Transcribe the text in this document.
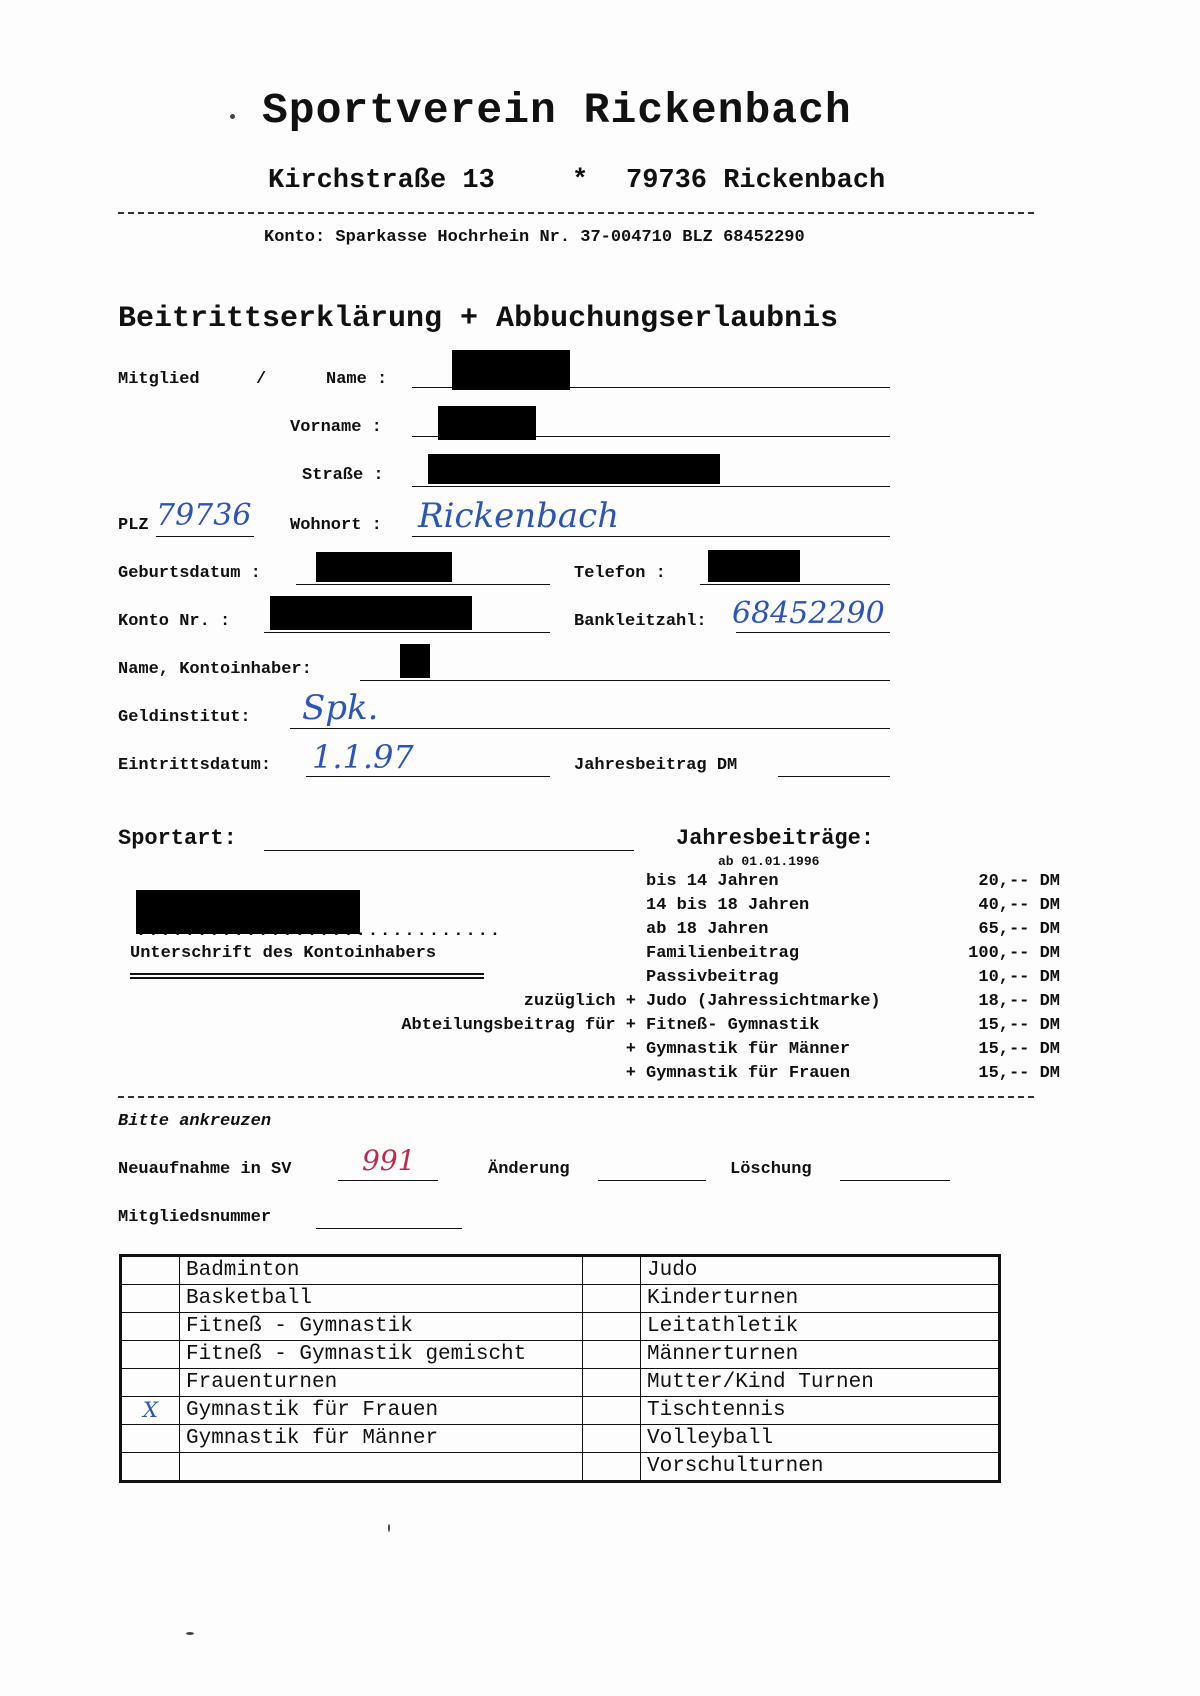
Sportverein Rickenbach
Kirchstraße 13	* 79736 Rickenbach
Konto: Sparkasse Hochrhein Nr. 37-004710 BLZ 68452290
Beitrittserklärung + Abbuchungserlaubnis
Mitglied	/	Name :
Vorname :
Straße :
PLZ 79736 Wohnort : Rickenbach
Geburtsdatum :	Telefon :
Konto Nr. :	Bankleitzahl: 68452290
Name, Kontoinhaber:
Geldinstitut: Spk.
Eintrittsdatum: 1.1.97	Jahresbeitrag DM
Sportart:	Jahresbeiträge:
ab 01.01.1996
bis 14 Jahren	20,-- DM
14 bis 18 Jahren	40,-- DM
ab 18 Jahren	65,-- DM
Familienbeitrag	100,-- DM
Passivbeitrag	10,-- DM
zuzüglich + Judo (Jahressichtmarke)	18,-- DM
Abteilungsbeitrag für + Fitneß- Gymnastik	15,-- DM
+ Gymnastik für Männer	15,-- DM
+ Gymnastik für Frauen	15,-- DM
..............................
Unterschrift des Kontoinhabers
Bitte ankreuzen
Neuaufnahme in SV	991	Änderung	Löschung
Mitgliedsnummer
	Badminton		Judo
	Basketball		Kinderturnen
	Fitneß - Gymnastik		Leitathletik
	Fitneß - Gymnastik gemischt		Männerturnen
	Frauenturnen		Mutter/Kind Turnen
X	Gymnastik für Frauen		Tischtennis
	Gymnastik für Männer		Volleyball
			Vorschulturnen
